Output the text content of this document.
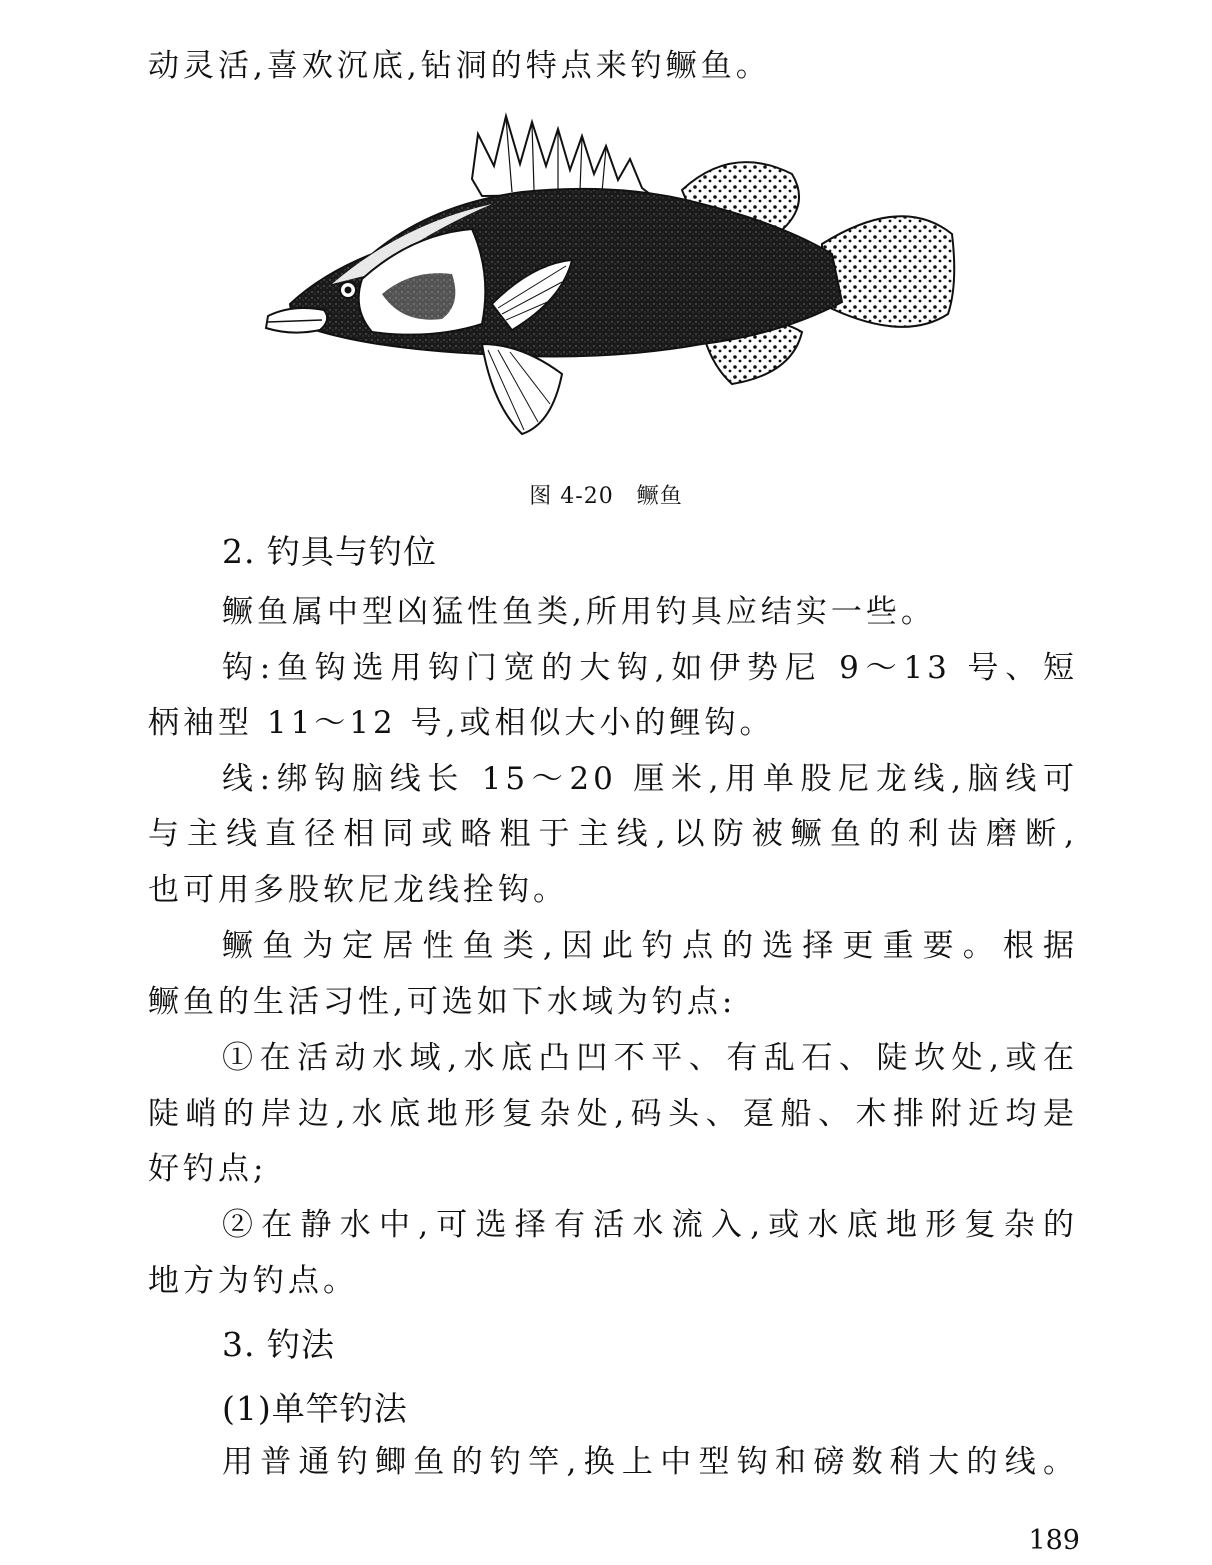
动灵活,喜欢沉底,钻洞的特点来钓鳜鱼。
图 4-20　鳜鱼
2. 钓具与钓位
鳜鱼属中型凶猛性鱼类,所用钓具应结实一些。
钩:鱼钩选用钩门宽的大钩,如伊势尼 9～13 号、短
柄袖型 11～12 号,或相似大小的鲤钩。
线:绑钩脑线长 15～20 厘米,用单股尼龙线,脑线可
与主线直径相同或略粗于主线,以防被鳜鱼的利齿磨断,
也可用多股软尼龙线拴钩。
鳜鱼为定居性鱼类,因此钓点的选择更重要。根据
鳜鱼的生活习性,可选如下水域为钓点:
①在活动水域,水底凸凹不平、有乱石、陡坎处,或在
陡峭的岸边,水底地形复杂处,码头、趸船、木排附近均是
好钓点;
②在静水中,可选择有活水流入,或水底地形复杂的
地方为钓点。
3. 钓法
(1)单竿钓法
用普通钓鲫鱼的钓竿,换上中型钩和磅数稍大的线。
189
